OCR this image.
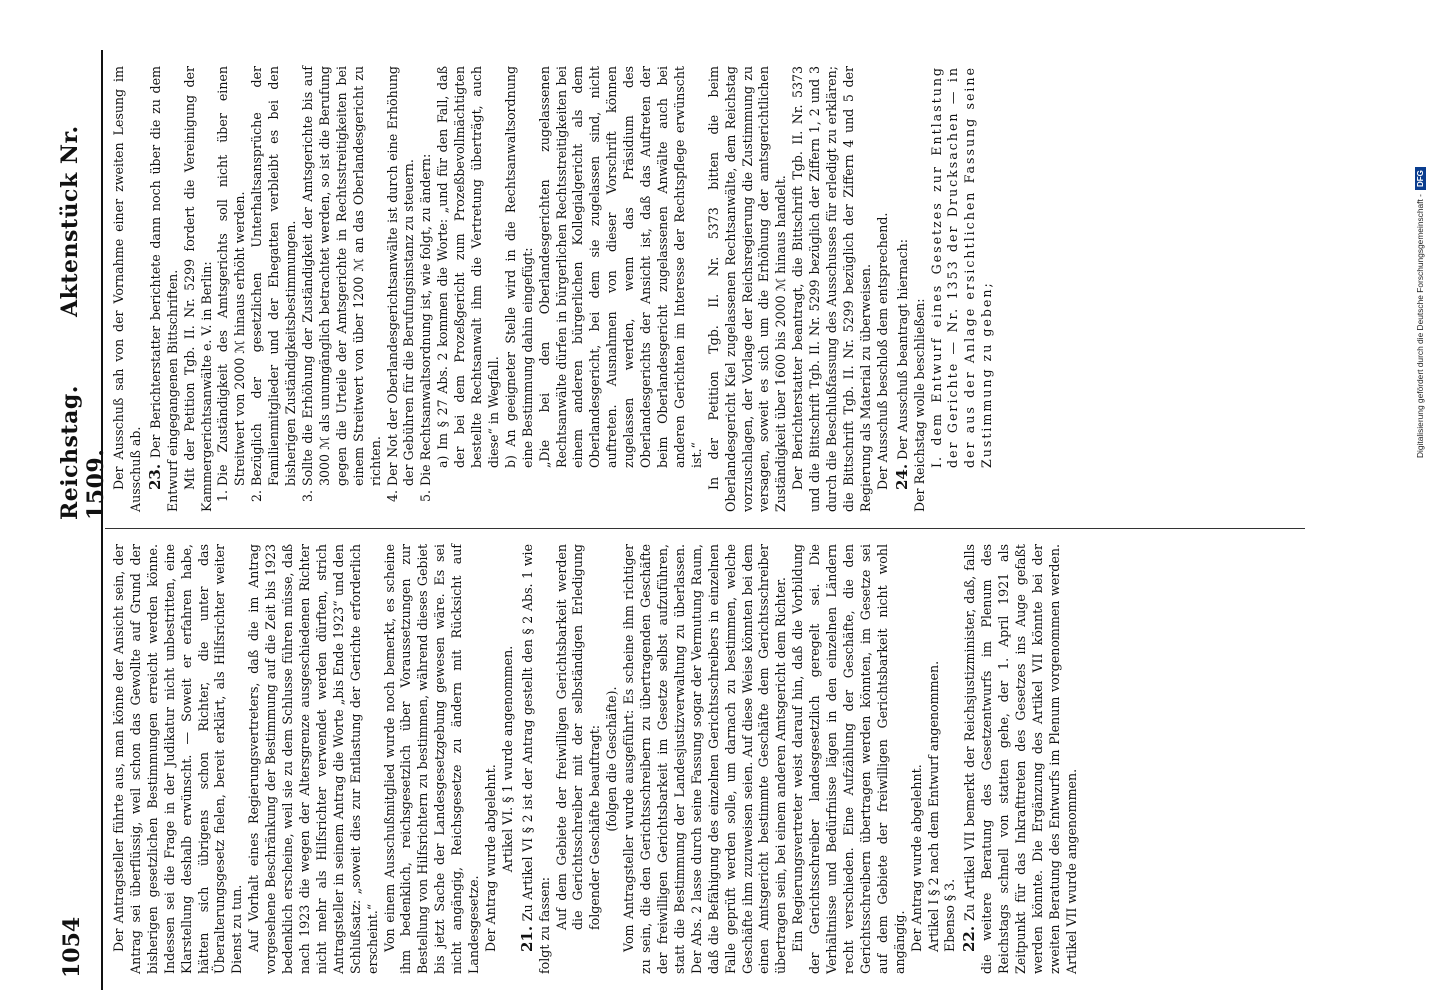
1054
Reichstag. Aktenstück Nr. 1509.

Der Antragsteller führte aus, man könne der Ansicht sein, der Antrag sei überflüssig, weil schon das Gewollte auf Grund der bisherigen gesetzlichen Bestimmungen erreicht werden könne. Indessen sei die Frage in der Judikatur nicht unbestritten, eine Klarstellung deshalb erwünscht. — Soweit er erfahren habe, hätten sich übrigens schon Richter, die unter das Überalterungsgesetz fielen, bereit erklärt, als Hilfsrichter weiter Dienst zu tun. Auf Vorhalt eines Regierungsvertreters, daß die im Antrag vorgesehene Beschränkung der Bestimmung auf die Zeit bis 1923 bedenklich erscheine, weil sie zu dem Schlusse führen müsse, daß nach 1923 die wegen der Altersgrenze ausgeschiedenen Richter nicht mehr als Hilfsrichter verwendet werden dürften, strich Antragsteller in seinem Antrag die Worte „bis Ende 1923“ und den Schlußsatz: „soweit dies zur Entlastung der Gerichte erforderlich erscheint.“ Von einem Ausschußmitglied wurde noch bemerkt, es scheine ihm bedenklich, reichsgesetzlich über Voraussetzungen zur Bestellung von Hilfsrichtern zu bestimmen, während dieses Gebiet bis jetzt Sache der Landesgesetzgebung gewesen wäre. Es sei nicht angängig, Reichsgesetze zu ändern mit Rücksicht auf Landesgesetze. Der Antrag wurde abgelehnt. Artikel VI. § 1 wurde angenommen.

21. Zu Artikel VI § 2 ist der Antrag gestellt den § 2 Abs. 1 wie folgt zu fassen: Auf dem Gebiete der freiwilligen Gerichtsbarkeit werden die Gerichtsschreiber mit der selbständigen Erledigung folgender Geschäfte beauftragt: (folgen die Geschäfte). Vom Antragsteller wurde ausgeführt: Es scheine ihm richtiger zu sein, die den Gerichtsschreibern zu übertragenden Geschäfte der freiwilligen Gerichtsbarkeit im Gesetze selbst aufzuführen, statt die Bestimmung der Landesjustizverwaltung zu überlassen. Der Abs. 2 lasse durch seine Fassung sogar der Vermutung Raum, daß die Befähigung des einzelnen Gerichtsschreibers in einzelnen Falle geprüft werden solle, um darnach zu bestimmen, welche Geschäfte ihm zuzuweisen seien. Auf diese Weise könnten bei dem einen Amtsgericht bestimmte Geschäfte dem Gerichtsschreiber übertragen sein, bei einem anderen Amtsgericht dem Richter. Ein Regierungsvertreter weist darauf hin, daß die Vorbildung der Gerichtsschreiber landesgesetzlich geregelt sei. Die Verhältnisse und Bedürfnisse lägen in den einzelnen Ländern recht verschieden. Eine Aufzählung der Geschäfte, die den Gerichtsschreibern übertragen werden könnten, im Gesetze sei auf dem Gebiete der freiwilligen Gerichtsbarkeit nicht wohl angängig. Der Antrag wurde abgelehnt. Artikel I § 2 nach dem Entwurf angenommen. Ebenso § 3. 22. Zu Artikel VII bemerkt der Reichsjustizminister, daß, falls die weitere Beratung des Gesetzentwurfs im Plenum des Reichstags schnell von statten gehe, der 1. April 1921 als Zeitpunkt für das Inkrafttreten des Gesetzes ins Auge gefaßt werden könnte. Die Ergänzung des Artikel VII könnte bei der zweiten Beratung des Entwurfs im Plenum vorgenommen werden. Artikel VII wurde angenommen.

Der Ausschuß sah von der Vornahme einer zweiten Lesung im Ausschuß ab. 23. Der Berichterstatter berichtete dann noch über die zu dem Entwurf eingegangenen Bittschriften. Mit der Petition Tgb. II. Nr. 5299 fordert die Vereinigung der Kammergerichtsanwälte e. V. in Berlin: 1. Die Zuständigkeit des Amtsgerichts soll nicht über einen Streitwert von 2000 ℳ hinaus erhöht werden. 2. Bezüglich der gesetzlichen Unterhaltsansprüche der Familienmitglieder und der Ehegatten verbleibt es bei den bisherigen Zuständigkeitsbestimmungen. 3. Sollte die Erhöhung der Zuständigkeit der Amtsgerichte bis auf 3000 ℳ als unumgänglich betrachtet werden, so ist die Berufung gegen die Urteile der Amtsgerichte in Rechtsstreitigkeiten bei einem Streitwert von über 1200 ℳ an das Oberlandesgericht zu richten. 4. Der Not der Oberlandesgerichtsanwälte ist durch eine Erhöhung der Gebühren für die Berufungsinstanz zu steuern. 5. Die Rechtsanwaltsordnung ist, wie folgt, zu ändern: a) Im § 27 Abs. 2 kommen die Worte: „und für den Fall, daß der bei dem Prozeßgericht zum Prozeßbevollmächtigten bestellte Rechtsanwalt ihm die Vertretung überträgt, auch diese“ in Wegfall. b) An geeigneter Stelle wird in die Rechtsanwaltsordnung eine Bestimmung dahin eingefügt: „Die bei den Oberlandesgerichten zugelassenen Rechtsanwälte dürfen in bürgerlichen Rechtsstreitigkeiten bei einem anderen bürgerlichen Kollegialgericht als dem Oberlandesgericht, bei dem sie zugelassen sind, nicht auftreten. Ausnahmen von dieser Vorschrift können zugelassen werden, wenn das Präsidium des Oberlandesgerichts der Ansicht ist, daß das Auftreten der beim Oberlandesgericht zugelassenen Anwälte auch bei anderen Gerichten im Interesse der Rechtspflege erwünscht ist.“ In der Petition Tgb. II. Nr. 5373 bitten die beim Oberlandesgericht Kiel zugelassenen Rechtsanwälte, dem Reichstag vorzuschlagen, der Vorlage der Reichsregierung die Zustimmung zu versagen, soweit es sich um die Erhöhung der amtsgerichtlichen Zuständigkeit über 1600 bis 2000 ℳ hinaus handelt. Der Berichterstatter beantragt, die Bittschrift Tgb. II. Nr. 5373 und die Bittschrift Tgb. II. Nr. 5299 bezüglich der Ziffern 1, 2 und 3 durch die Beschlußfassung des Ausschusses für erledigt zu erklären; die Bittschrift Tgb. II. Nr. 5299 bezüglich der Ziffern 4 und 5 der Regierung als Material zu überweisen. Der Ausschuß beschloß dem entsprechend. 24. Der Ausschuß beantragt hiernach: Der Reichstag wolle beschließen: I. dem Entwurf eines Gesetzes zur Entlastung der Gerichte — Nr. 1353 der Drucksachen — in der aus der Anlage ersichtlichen Fassung seine Zustimmung zu geben;	Digitalisierung gefördert durch die Deutsche Forschungsgemeinschaft -DFG
